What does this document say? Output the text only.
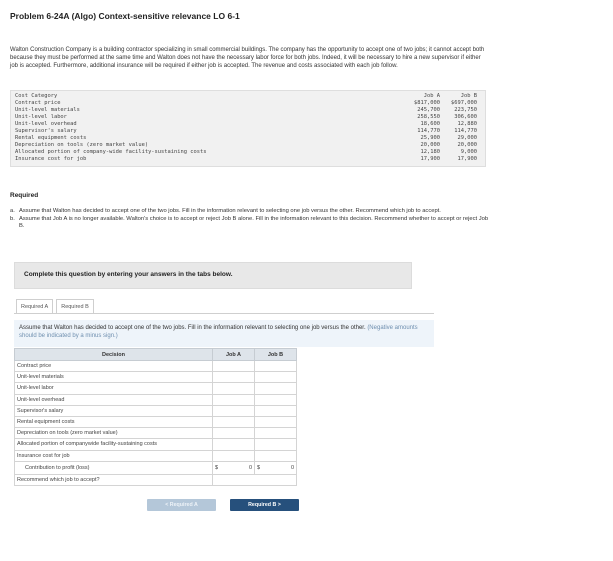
Problem 6-24A (Algo) Context-sensitive relevance LO 6-1
Walton Construction Company is a building contractor specializing in small commercial buildings. The company has the opportunity to accept one of two jobs; it cannot accept both because they must be performed at the same time and Walton does not have the necessary labor force for both jobs. Indeed, it will be necessary to hire a new supervisor if either job is accepted. Furthermore, additional insurance will be required if either job is accepted. The revenue and costs associated with each job follow.
Cost Category	Job A	Job B
Contract price	$817,000	$697,000
Unit-level materials	245,700	223,750
Unit-level labor	258,550	306,600
Unit-level overhead	18,600	12,880
Supervisor's salary	114,770	114,770
Rental equipment costs	25,900	29,000
Depreciation on tools (zero market value)	20,000	20,000
Allocated portion of company-wide facility-sustaining costs	12,180	9,000
Insurance cost for job	17,900	17,900
Required
a. Assume that Walton has decided to accept one of the two jobs. Fill in the information relevant to selecting one job versus the other. Recommend which job to accept.
b. Assume that Job A is no longer available. Walton's choice is to accept or reject Job B alone. Fill in the information relevant to this decision. Recommend whether to accept or reject Job B.
Complete this question by entering your answers in the tabs below.
Required A	Required B
Assume that Walton has decided to accept one of the two jobs. Fill in the information relevant to selecting one job versus the other. (Negative amounts should be indicated by a minus sign.)
Decision	Job A	Job B
Contract price		
Unit-level materials		
Unit-level labor		
Unit-level overhead		
Supervisor's salary		
Rental equipment costs		
Depreciation on tools (zero market value)		
Allocated portion of companywide facility-sustaining costs		
Insurance cost for job		
Contribution to profit (loss)	$ 0	$ 0

Recommend which job to accept?		
< Required A	Required B >
